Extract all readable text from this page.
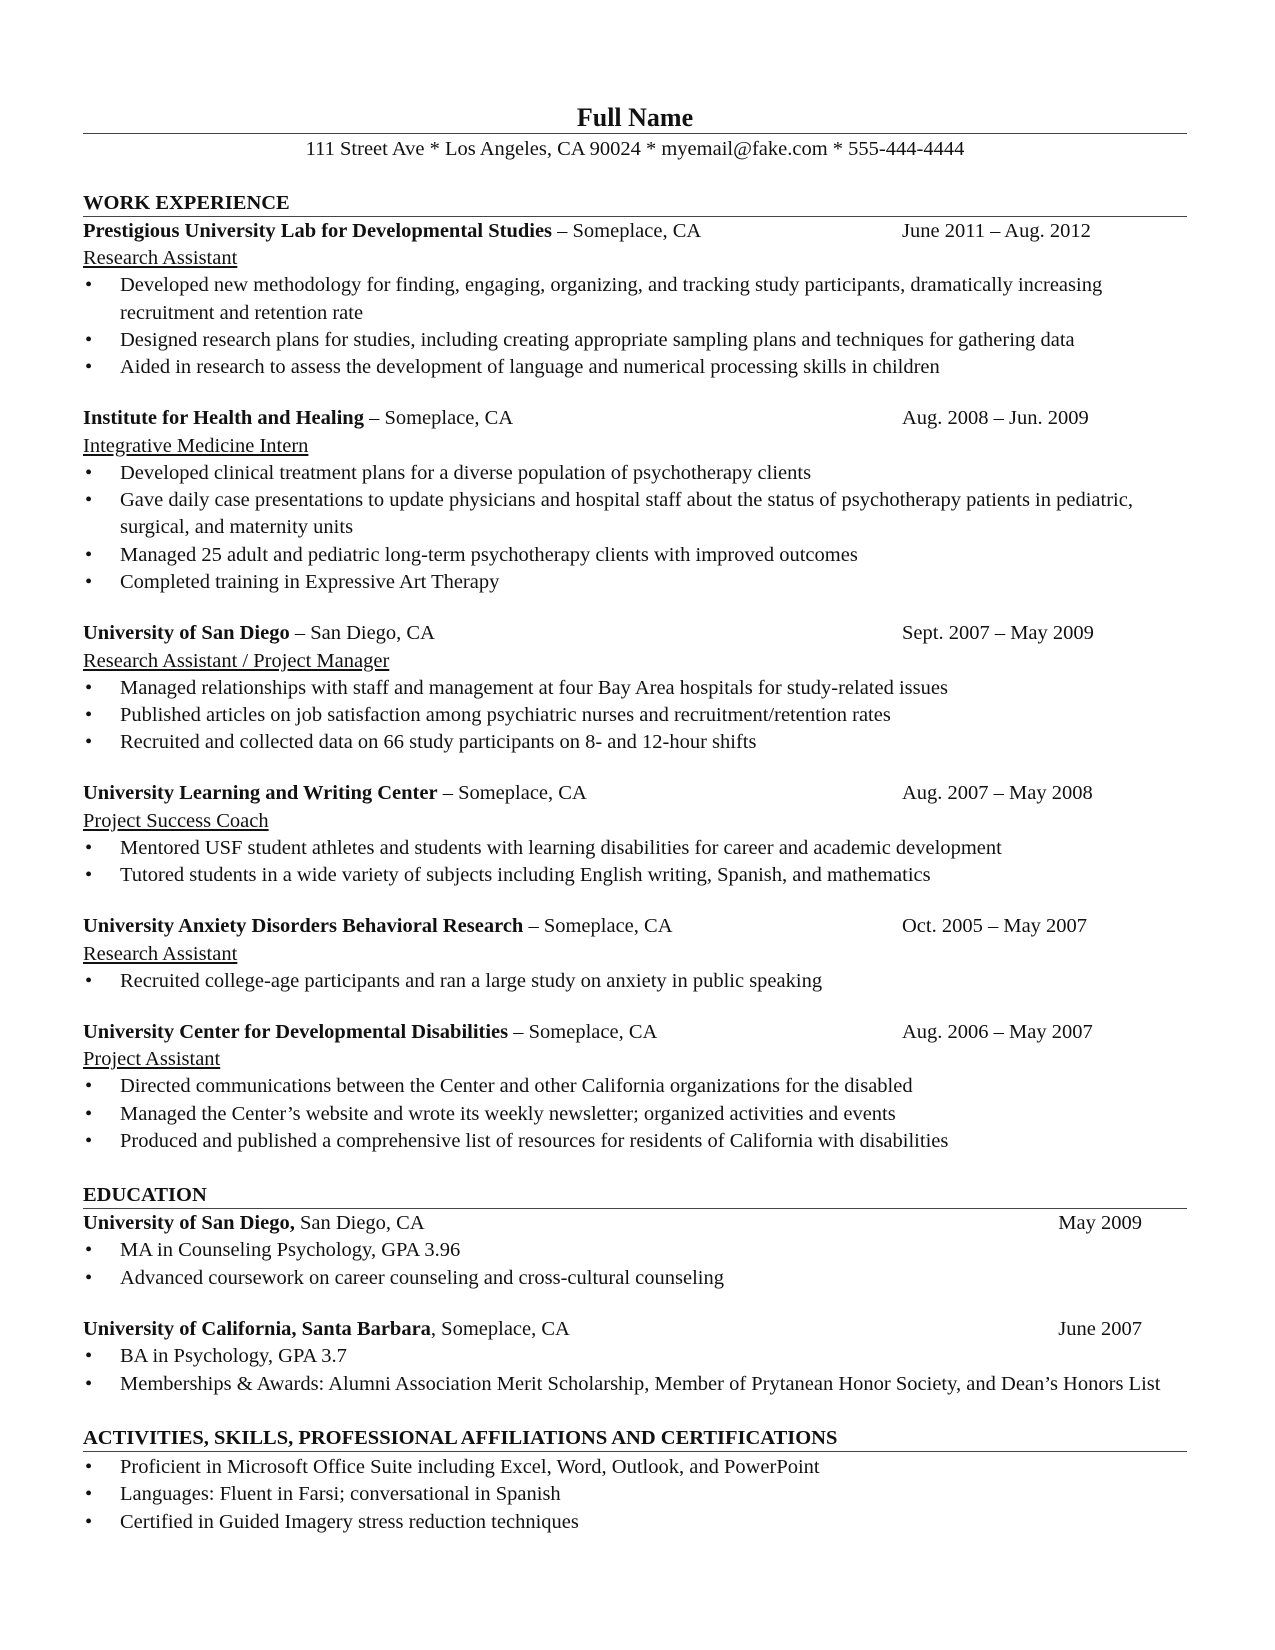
Full Name
111 Street Ave * Los Angeles, CA 90024 * myemail@fake.com * 555-444-4444
WORK EXPERIENCE
Prestigious University Lab for Developmental Studies – Someplace, CA	June 2011 – Aug. 2012
Research Assistant
• Developed new methodology for finding, engaging, organizing, and tracking study participants, dramatically increasing recruitment and retention rate
• Designed research plans for studies, including creating appropriate sampling plans and techniques for gathering data
• Aided in research to assess the development of language and numerical processing skills in children
Institute for Health and Healing – Someplace, CA	Aug. 2008 – Jun. 2009
Integrative Medicine Intern
• Developed clinical treatment plans for a diverse population of psychotherapy clients
• Gave daily case presentations to update physicians and hospital staff about the status of psychotherapy patients in pediatric, surgical, and maternity units
• Managed 25 adult and pediatric long-term psychotherapy clients with improved outcomes
• Completed training in Expressive Art Therapy
University of San Diego – San Diego, CA	Sept. 2007 – May 2009
Research Assistant / Project Manager
• Managed relationships with staff and management at four Bay Area hospitals for study-related issues
• Published articles on job satisfaction among psychiatric nurses and recruitment/retention rates
• Recruited and collected data on 66 study participants on 8- and 12-hour shifts
University Learning and Writing Center – Someplace, CA	Aug. 2007 – May 2008
Project Success Coach
• Mentored USF student athletes and students with learning disabilities for career and academic development
• Tutored students in a wide variety of subjects including English writing, Spanish, and mathematics
University Anxiety Disorders Behavioral Research – Someplace, CA	Oct. 2005 – May 2007
Research Assistant
• Recruited college-age participants and ran a large study on anxiety in public speaking
University Center for Developmental Disabilities – Someplace, CA	Aug. 2006 – May 2007
Project Assistant
• Directed communications between the Center and other California organizations for the disabled
• Managed the Center’s website and wrote its weekly newsletter; organized activities and events
• Produced and published a comprehensive list of resources for residents of California with disabilities
EDUCATION
University of San Diego, San Diego, CA	May 2009
• MA in Counseling Psychology, GPA 3.96
• Advanced coursework on career counseling and cross-cultural counseling
University of California, Santa Barbara, Someplace, CA	June 2007
• BA in Psychology, GPA 3.7
• Memberships & Awards: Alumni Association Merit Scholarship, Member of Prytanean Honor Society, and Dean’s Honors List
ACTIVITIES, SKILLS, PROFESSIONAL AFFILIATIONS AND CERTIFICATIONS
• Proficient in Microsoft Office Suite including Excel, Word, Outlook, and PowerPoint
• Languages: Fluent in Farsi; conversational in Spanish
• Certified in Guided Imagery stress reduction techniques
